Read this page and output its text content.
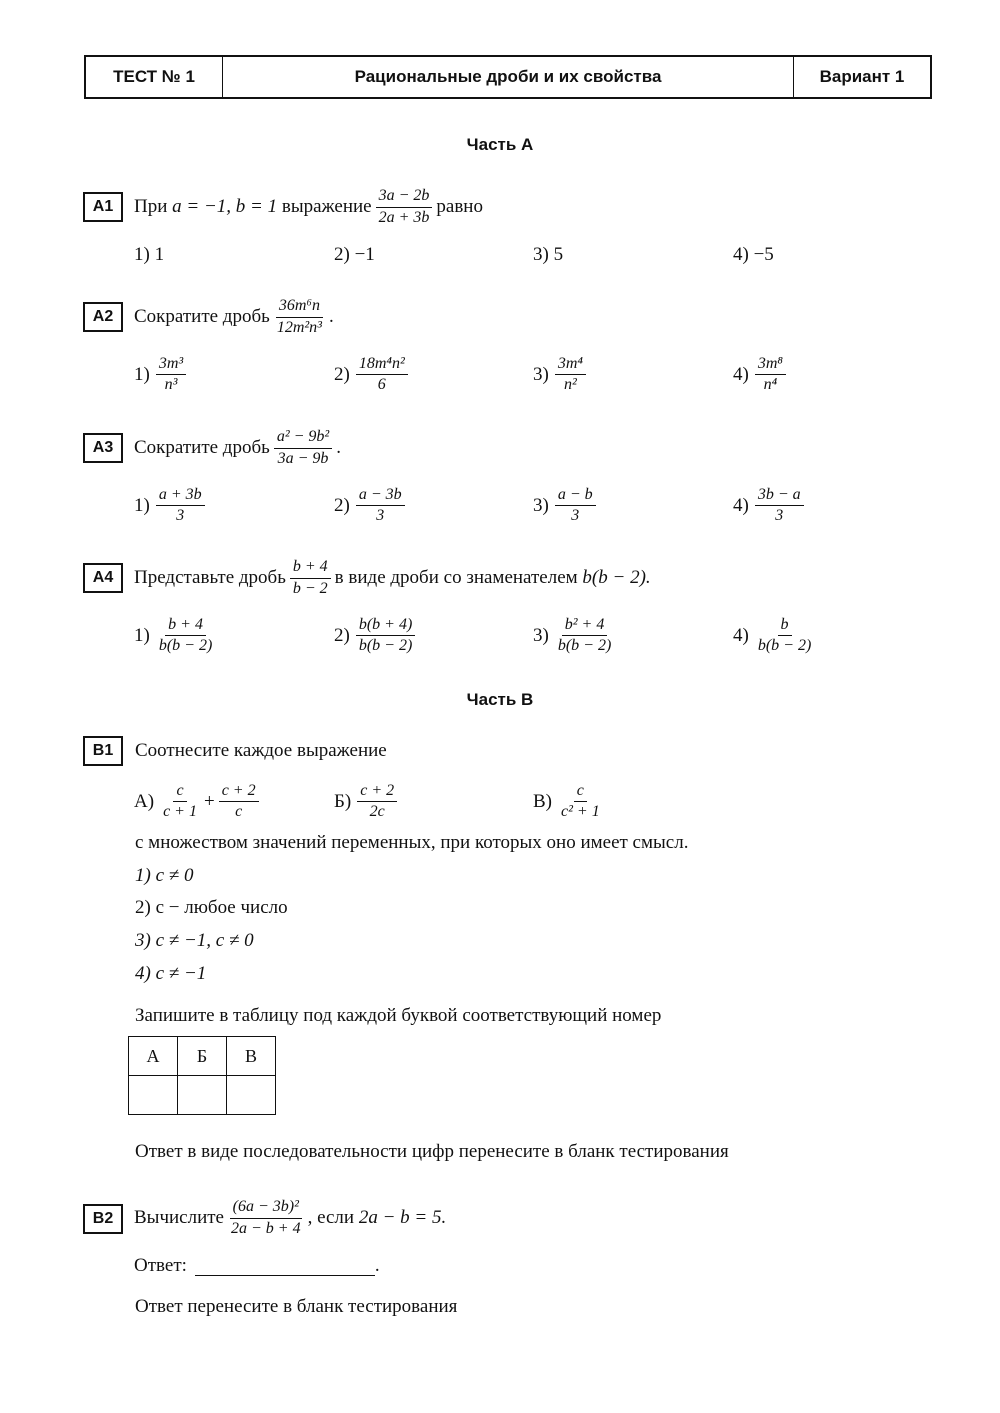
ТЕСТ № 1	Рациональные дроби и их свойства	Вариант 1
Часть А
A1	При
a = −1, b = 1
выражение $\frac{3a - 2b}{2a + 3b}$ равно
1) 1	2) −1	3) 5	4) −5
A2	Сократите дробь $\frac{\text{36m⁶n}}{\text{12m²n³}}$ .
$1) \frac{\text{3m³}}{\text{n³}}$	$2) \frac{\text{18m⁴n²}}{6}$	$3) \frac{\text{3m⁴}}{\text{n²}}$	$4) \frac{\text{3m⁸}}{\text{n⁴}}$
A3	Сократите дробь $\frac{\text{a² − 9b²}}{3a - 9b}$ .
$1) \frac{a + 3b}{3}$	$2) \frac{a - 3b}{3}$	$3) \frac{a - b}{3}$	$4) \frac{3b - a}{3}$
A4	Представьте дробь $\frac{b + 4}{b - 2}$ в виде дроби со знаменателем
b(b − 2).
$1) \frac{b + 4}{b(b - 2)}$	$2) \frac{b(b + 4)}{b(b - 2)}$	$3) \frac{\text{b² + 4}}{b(b - 2)}$	$4) \frac{b}{b(b - 2)}$
Часть В
B1	Соотнесите каждое выражение
$А) \frac{c}{c + 1} + \frac{c + 2}{c}$	$Б) \frac{c + 2}{2c}$	$В) \frac{c}{\text{c² + 1}}$
с множеством значений переменных, при которых оно имеет смысл.
1) c ≠ 0
2) c − любое число
3) c ≠ −1, c ≠ 0
4) c ≠ −1
Запишите в таблицу под каждой буквой соответствующий номер
А	Б	В

Ответ в виде последовательности цифр перенесите в бланк тестирования
B2	Вычислите $\frac{\text{(6a − 3b)²}}{2a - b + 4}$ , если
2a − b = 5.
Ответ:	.
Ответ перенесите в бланк тестирования
